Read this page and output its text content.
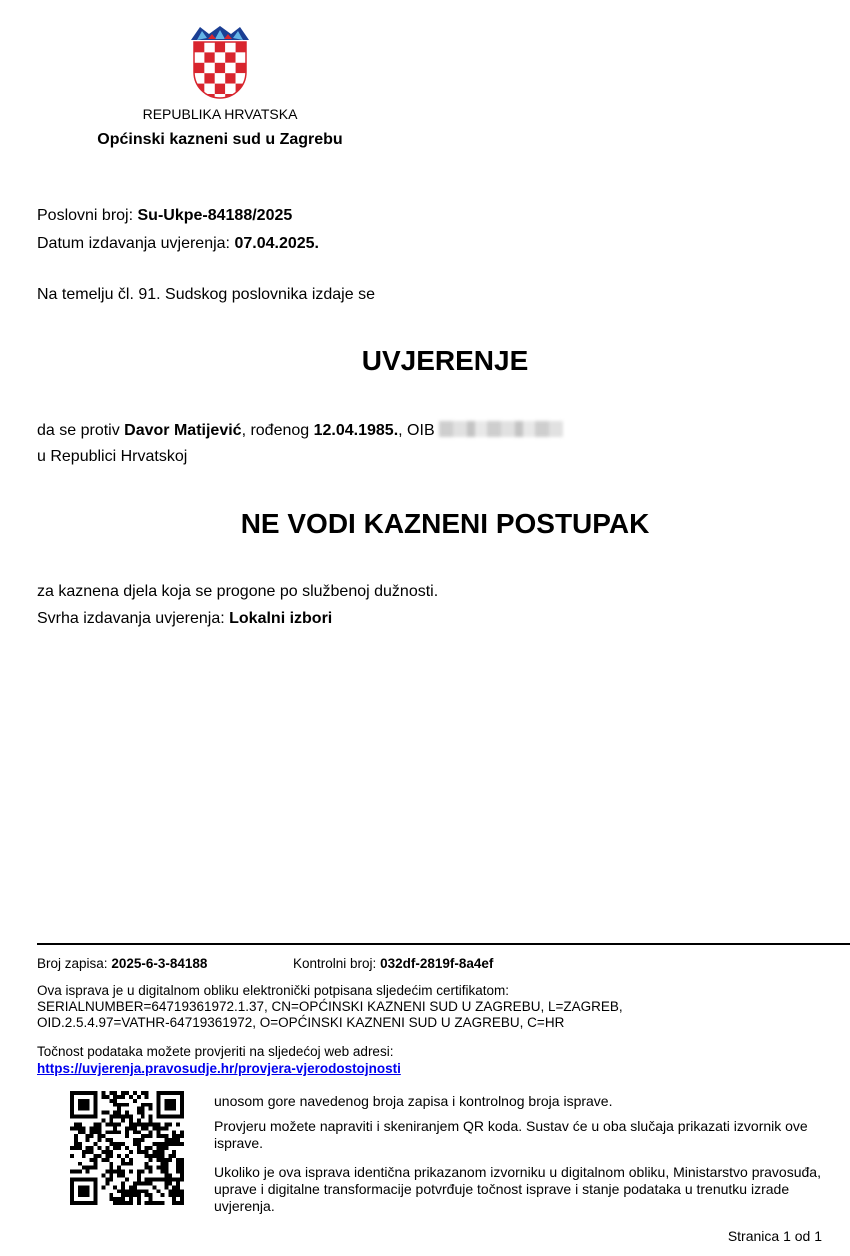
REPUBLIKA HRVATSKA
Općinski kazneni sud u Zagrebu
Poslovni broj: Su-Ukpe-84188/2025
Datum izdavanja uvjerenja: 07.04.2025.
Na temelju čl. 91. Sudskog poslovnika izdaje se
UVJERENJE
da se protiv Davor Matijević, rođenog 12.04.1985., OIB
u Republici Hrvatskoj
NE VODI KAZNENI POSTUPAK
za kaznena djela koja se progone po službenoj dužnosti.
Svrha izdavanja uvjerenja: Lokalni izbori
Broj zapisa: 2025-6-3-84188	Kontrolni broj: 032df-2819f-8a4ef
Ova isprava je u digitalnom obliku elektronički potpisana sljedećim certifikatom:
SERIALNUMBER=64719361972.1.37, CN=OPĆINSKI KAZNENI SUD U ZAGREBU, L=ZAGREB,
OID.2.5.4.97=VATHR-64719361972, O=OPĆINSKI KAZNENI SUD U ZAGREBU, C=HR
Točnost podataka možete provjeriti na sljedećoj web adresi:
https://uvjerenja.pravosudje.hr/provjera-vjerodostojnosti
unosom gore navedenog broja zapisa i kontrolnog broja isprave.
Provjeru možete napraviti i skeniranjem QR koda. Sustav će u oba slučaja prikazati izvornik ove isprave.
Ukoliko je ova isprava identična prikazanom izvorniku u digitalnom obliku, Ministarstvo pravosuđa, uprave i digitalne transformacije potvrđuje točnost isprave i stanje podataka u trenutku izrade uvjerenja.
Stranica 1 od 1
